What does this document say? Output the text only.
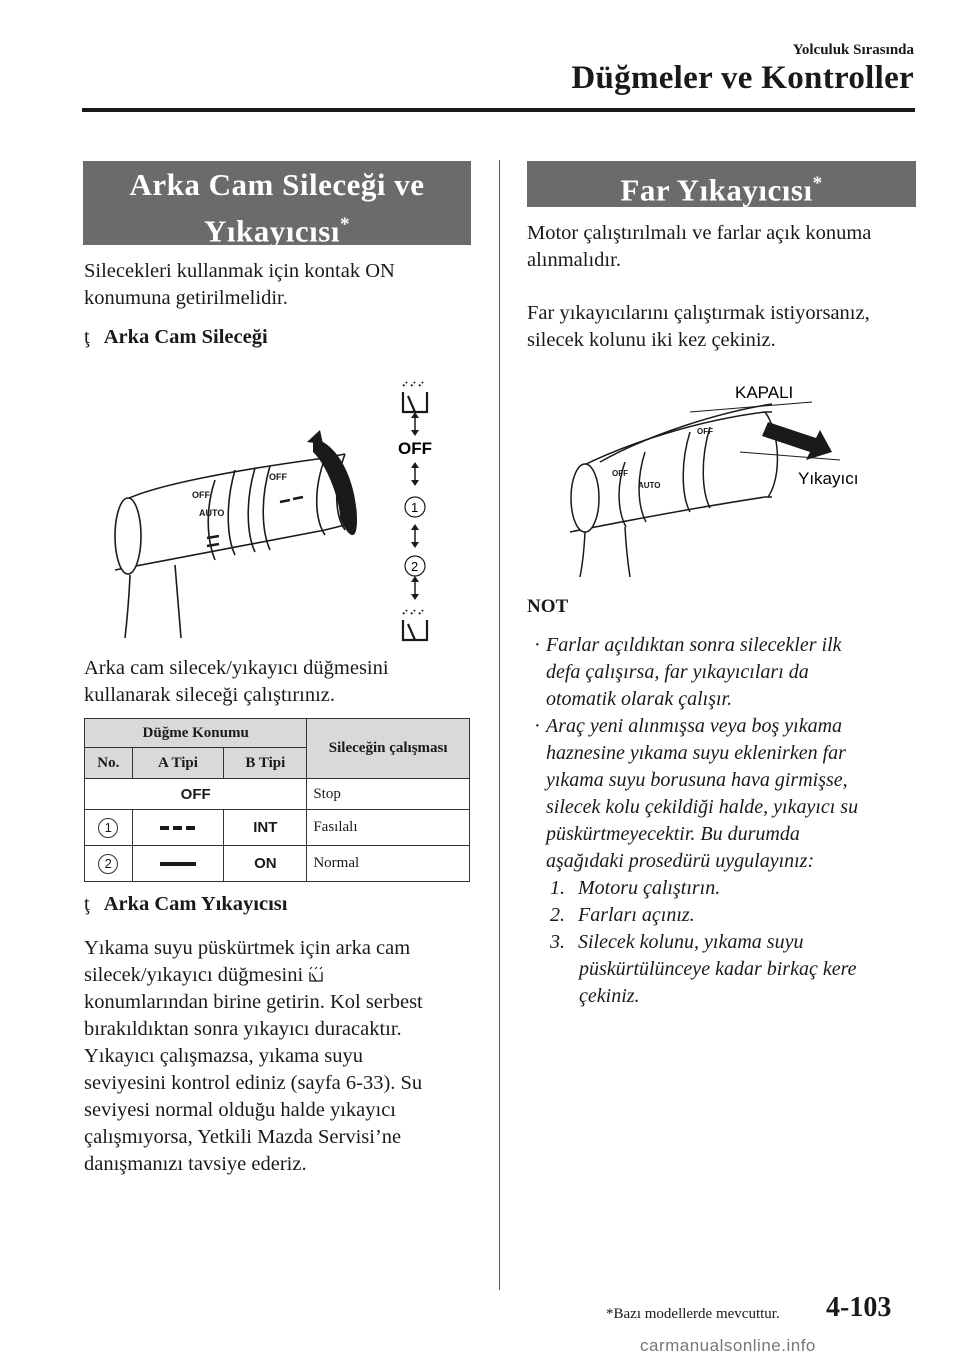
Yolculuk Sırasında
Düğmeler ve Kontroller
Arka Cam Sileceği ve
Yıkayıcısı*

Silecekleri kullanmak için kontak ON
konumuna getirilmelidir.

ţ Arka Cam Sileceği

OFF
1
2
OFF
AUTO
OFF

Arka cam silecek/yıkayıcı düğmesini
kullanarak sileceği çalıştırınız.

Düğme Konumu			Sileceğin çalışması
No.	A Tipi	B Tipi	
OFF			Stop
1		INT	Fasılalı
2		ON	Normal

ţ Arka Cam Yıkayıcısı

Yıkama suyu püskürtmek için arka cam
silecek/yıkayıcı düğmesini
konumlarından birine getirin. Kol serbest
bırakıldıktan sonra yıkayıcı duracaktır.
Yıkayıcı çalışmazsa, yıkama suyu
seviyesini kontrol ediniz (sayfa 6-33). Su
seviyesi normal olduğu halde yıkayıcı
çalışmıyorsa, Yetkili Mazda Servisi’ne
danışmanızı tavsiye ederiz.

Far Yıkayıcısı*

Motor çalıştırılmalı ve farlar açık konuma
alınmalıdır.

Far yıkayıcılarını çalıştırmak istiyorsanız,
silecek kolunu iki kez çekiniz.

KAPALI
Yıkayıcı
OFF
AUTO
OFF

NOT

· Farlar açıldıktan sonra silecekler ilk
defa çalışırsa, far yıkayıcıları da
otomatik olarak çalışır.

· Araç yeni alınmışsa veya boş yıkama
haznesine yıkama suyu eklenirken far
yıkama suyu borusuna hava girmişse,
silecek kolu çekildiği halde, yıkayıcı su
püskürtmeyecektir. Bu durumda
aşağıdaki prosedürü uygulayınız:

1. Motoru çalıştırın.
2. Farları açınız.
3. Silecek kolunu, yıkama suyu
püskürtülünceye kadar birkaç kere
çekiniz.

*Bazı modellerde mevcuttur. 4-103
carmanualsonline.info
